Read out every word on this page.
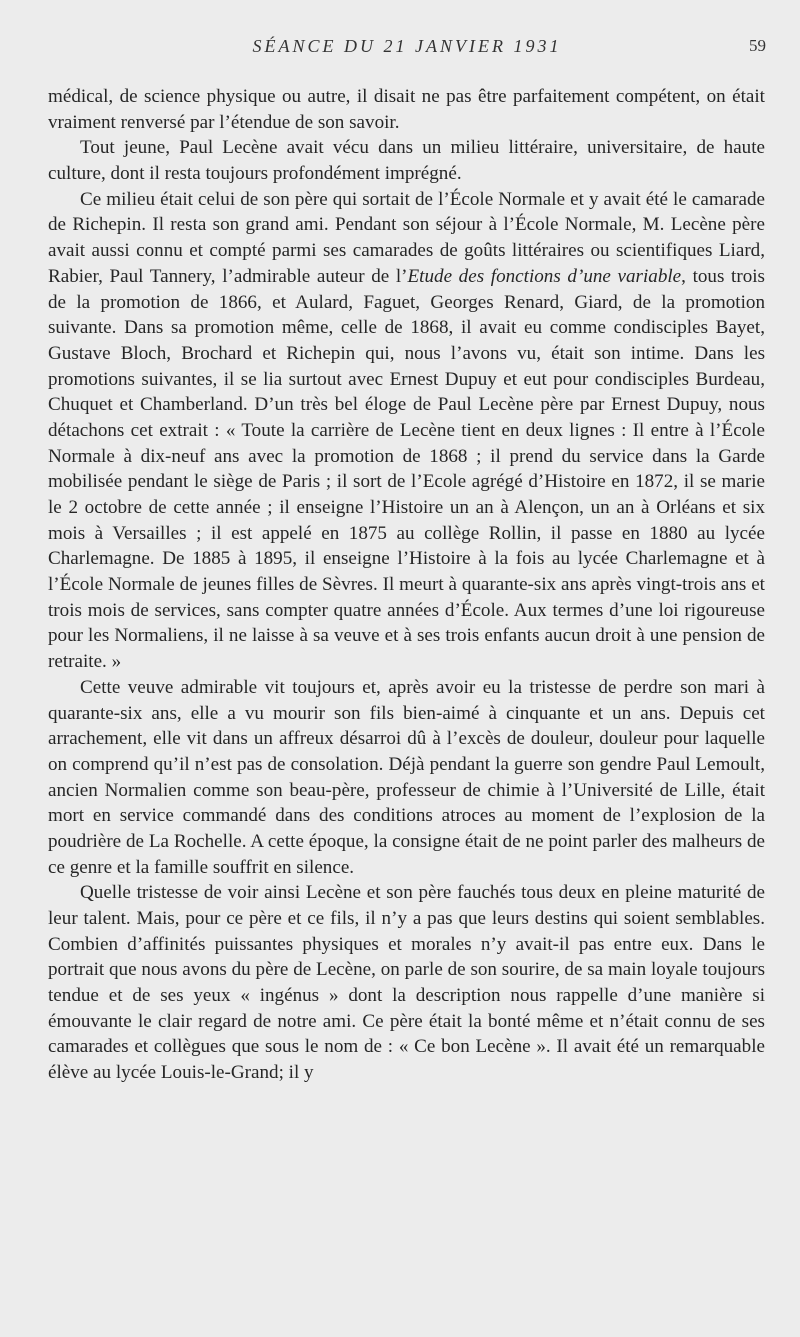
SÉANCE DU 21 JANVIER 1931	59

médical, de science physique ou autre, il disait ne pas être parfaitement compétent, on était vraiment renversé par l’étendue de son savoir.

Tout jeune, Paul Lecène avait vécu dans un milieu littéraire, universitaire, de haute culture, dont il resta toujours profondément imprégné.

Ce milieu était celui de son père qui sortait de l’École Normale et y avait été le camarade de Richepin. Il resta son grand ami. Pendant son séjour à l’École Normale, M. Lecène père avait aussi connu et compté parmi ses camarades de goûts littéraires ou scientifiques Liard, Rabier, Paul Tannery, l’admirable auteur de l’Etude des fonctions d’une variable, tous trois de la promotion de 1866, et Aulard, Faguet, Georges Renard, Giard, de la promotion suivante. Dans sa promotion même, celle de 1868, il avait eu comme condisciples Bayet, Gustave Bloch, Brochard et Richepin qui, nous l’avons vu, était son intime. Dans les promotions suivantes, il se lia surtout avec Ernest Dupuy et eut pour condisciples Burdeau, Chuquet et Chamberland. D’un très bel éloge de Paul Lecène père par Ernest Dupuy, nous détachons cet extrait : « Toute la carrière de Lecène tient en deux lignes : Il entre à l’École Normale à dix-neuf ans avec la promotion de 1868 ; il prend du service dans la Garde mobilisée pendant le siège de Paris ; il sort de l’Ecole agrégé d’Histoire en 1872, il se marie le 2 octobre de cette année ; il enseigne l’Histoire un an à Alençon, un an à Orléans et six mois à Versailles ; il est appelé en 1875 au collège Rollin, il passe en 1880 au lycée Charlemagne. De 1885 à 1895, il enseigne l’Histoire à la fois au lycée Charlemagne et à l’École Normale de jeunes filles de Sèvres. Il meurt à quarante-six ans après vingt-trois ans et trois mois de services, sans compter quatre années d’École. Aux termes d’une loi rigoureuse pour les Normaliens, il ne laisse à sa veuve et à ses trois enfants aucun droit à une pension de retraite. »

Cette veuve admirable vit toujours et, après avoir eu la tristesse de perdre son mari à quarante-six ans, elle a vu mourir son fils bien-aimé à cinquante et un ans. Depuis cet arrachement, elle vit dans un affreux désarroi dû à l’excès de douleur, douleur pour laquelle on comprend qu’il n’est pas de consolation. Déjà pendant la guerre son gendre Paul Lemoult, ancien Normalien comme son beau-père, professeur de chimie à l’Université de Lille, était mort en service commandé dans des conditions atroces au moment de l’explosion de la poudrière de La Rochelle. A cette époque, la consigne était de ne point parler des malheurs de ce genre et la famille souffrit en silence.

Quelle tristesse de voir ainsi Lecène et son père fauchés tous deux en pleine maturité de leur talent. Mais, pour ce père et ce fils, il n’y a pas que leurs destins qui soient semblables. Combien d’affinités puissantes physiques et morales n’y avait-il pas entre eux. Dans le portrait que nous avons du père de Lecène, on parle de son sourire, de sa main loyale toujours tendue et de ses yeux « ingénus » dont la description nous rappelle d’une manière si émouvante le clair regard de notre ami. Ce père était la bonté même et n’était connu de ses camarades et collègues que sous le nom de : « Ce bon Lecène ». Il avait été un remarquable élève au lycée Louis-le-Grand; il y
